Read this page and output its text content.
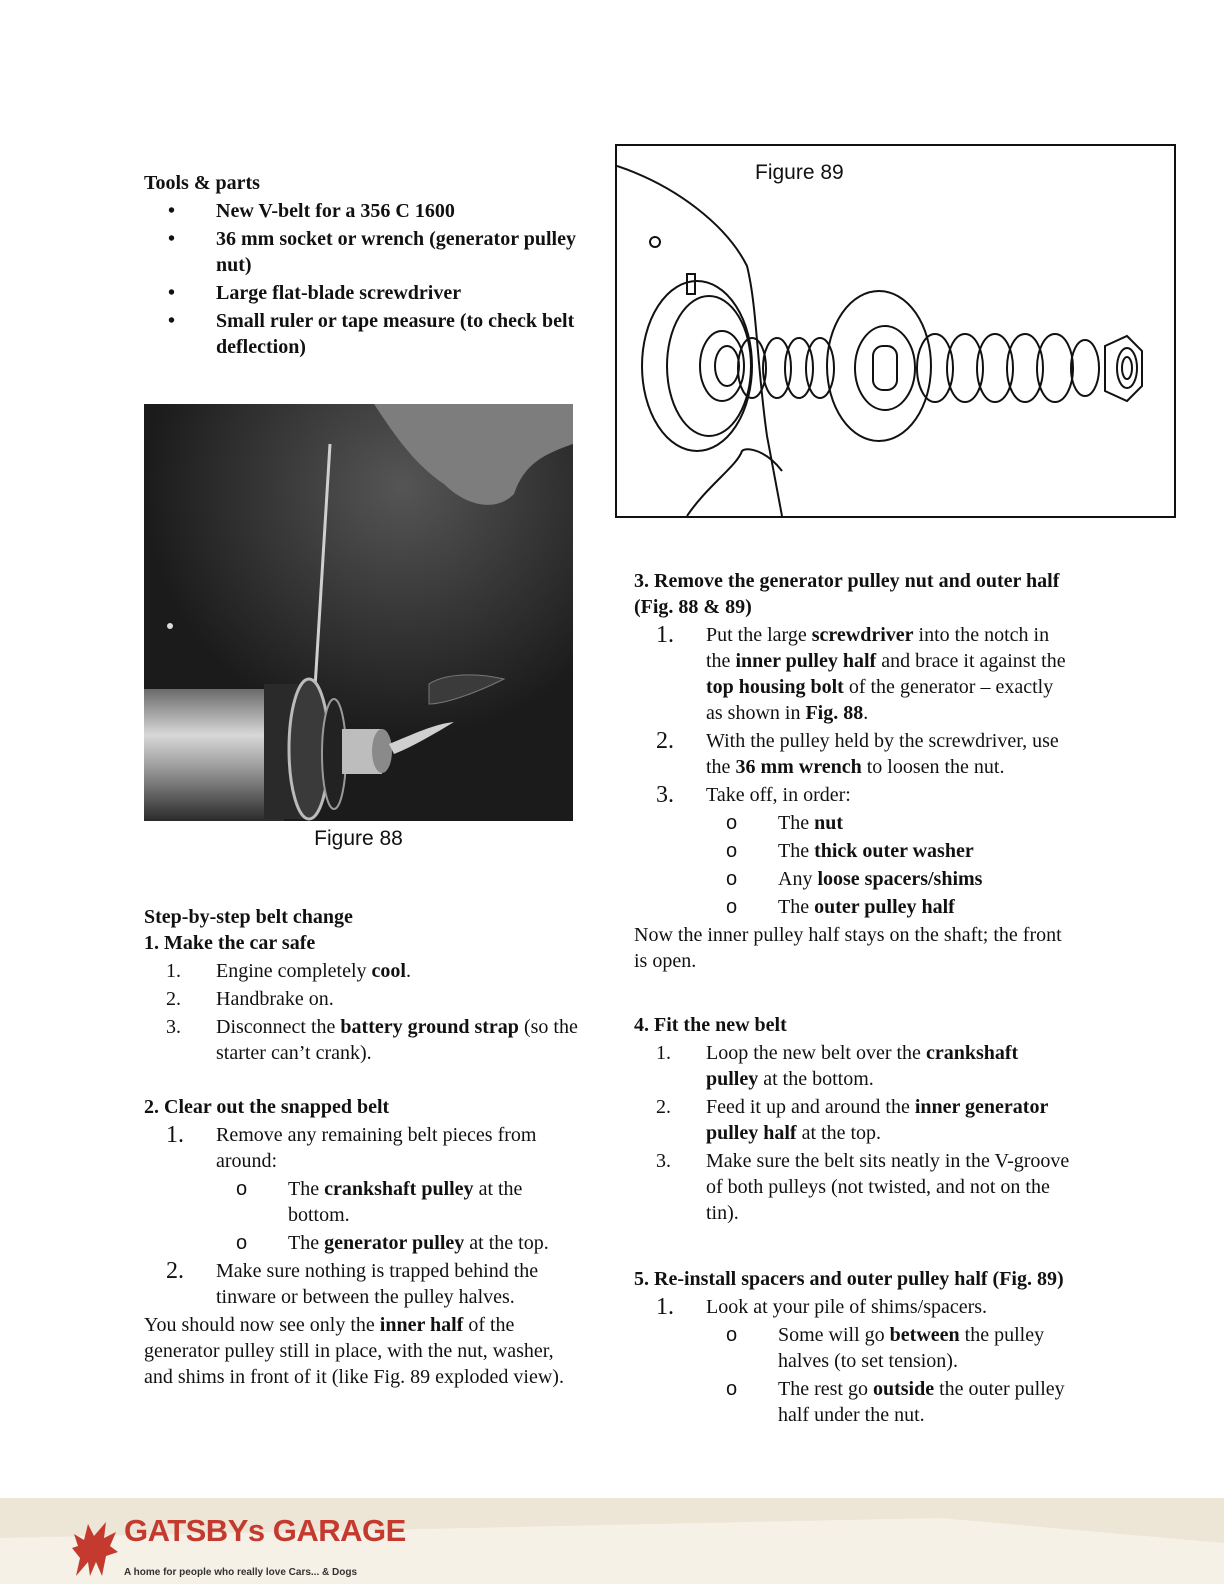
Tools & parts
• New V-belt for a 356 C 1600
• 36 mm socket or wrench (generator pulley nut)
• Large flat-blade screwdriver
• Small ruler or tape measure (to check belt deflection)
Step-by-step belt change
1. Make the car safe
1. Engine completely cool.
2. Handbrake on.
3. Disconnect the battery ground strap (so the starter can’t crank).
2. Clear out the snapped belt
1. Remove any remaining belt pieces from around:
o The crankshaft pulley at the bottom.
o The generator pulley at the top.
2. Make sure nothing is trapped behind the tinware or between the pulley halves.
You should now see only the inner half of the generator pulley still in place, with the nut, washer, and shims in front of it (like Fig. 89 exploded view).
Figure 88
Figure 89
3. Remove the generator pulley nut and outer half (Fig. 88 & 89)
1. Put the large screwdriver into the notch in the inner pulley half and brace it against the top housing bolt of the generator – exactly as shown in Fig. 88.
2. With the pulley held by the screwdriver, use the 36 mm wrench to loosen the nut.
3. Take off, in order:
o The nut
o The thick outer washer
o Any loose spacers/shims
o The outer pulley half
Now the inner pulley half stays on the shaft; the front is open.
4. Fit the new belt
1. Loop the new belt over the crankshaft pulley at the bottom.
2. Feed it up and around the inner generator pulley half at the top.
3. Make sure the belt sits neatly in the V-groove of both pulleys (not twisted, and not on the tin).
5. Re-install spacers and outer pulley half (Fig. 89)
1. Look at your pile of shims/spacers.
o Some will go between the pulley halves (to set tension).
o The rest go outside the outer pulley half under the nut.
GATSBYs GARAGE
A home for people who really love Cars... & Dogs
